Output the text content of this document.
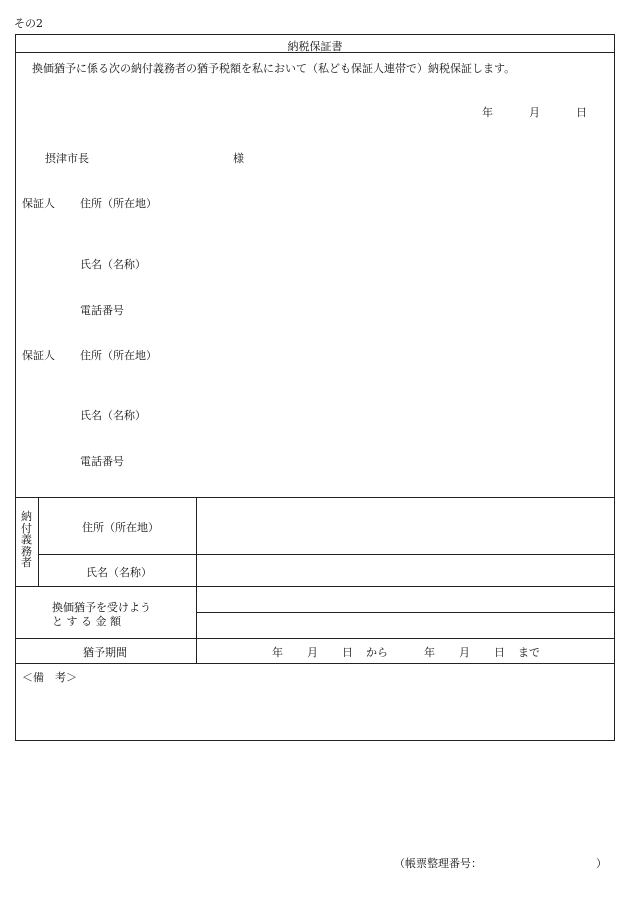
その2
納税保証書
換価猶予に係る次の納付義務者の猶予税額を私において（私ども保証人連帯で）納税保証します。
年	月	日
摂津市長	様
保証人 住所（所在地）
氏名（名称）
電話番号
保証人 住所（所在地）
氏名（名称）
電話番号
納
付
義
務
者
住所（所在地）
氏名（名称）
換価猶予を受けよう
と す る 金 額
猶予期間	年 月 日 から	年 月 日 まで
＜備　考＞
（帳票整理番号：	）
